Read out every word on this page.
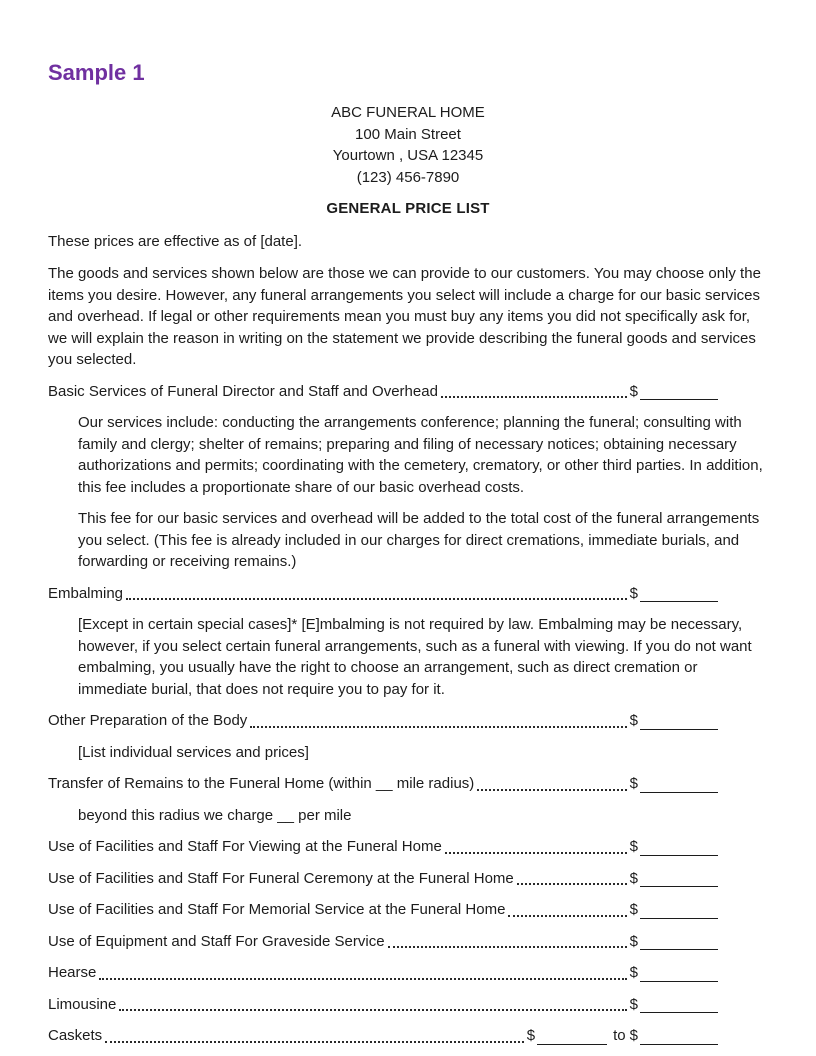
Sample 1
ABC FUNERAL HOME
100 Main Street
Yourtown , USA 12345
(123) 456-7890
GENERAL PRICE LIST

These prices are effective as of [date].

The goods and services shown below are those we can provide to our customers. You may choose only the items you desire. However, any funeral arrangements you select will include a charge for our basic services and overhead. If legal or other requirements mean you must buy any items you did not specifically ask for, we will explain the reason in writing on the statement we provide describing the funeral goods and services you selected.

Basic Services of Funeral Director and Staff and Overhead	$

Our services include: conducting the arrangements conference; planning the funeral; consulting with family and clergy; shelter of remains; preparing and filing of necessary notices; obtaining necessary authorizations and permits; coordinating with the cemetery, crematory, or other third parties. In addition, this fee includes a proportionate share of our basic overhead costs.

This fee for our basic services and overhead will be added to the total cost of the funeral arrangements you select. (This fee is already included in our charges for direct cremations, immediate burials, and forwarding or receiving remains.)

Embalming	$

[Except in certain special cases]* [E]mbalming is not required by law. Embalming may be necessary, however, if you select certain funeral arrangements, such as a funeral with viewing. If you do not want embalming, you usually have the right to choose an arrangement, such as direct cremation or immediate burial, that does not require you to pay for it.

Other Preparation of the Body	$

[List individual services and prices]

Transfer of Remains to the Funeral Home (within __ mile radius)	$

beyond this radius we charge __ per mile

Use of Facilities and Staff For Viewing at the Funeral Home	$
Use of Facilities and Staff For Funeral Ceremony at the Funeral Home	$
Use of Facilities and Staff For Memorial Service at the Funeral Home	$
Use of Equipment and Staff For Graveside Service	$
Hearse	$
Limousine	$
Caskets	$	to $
